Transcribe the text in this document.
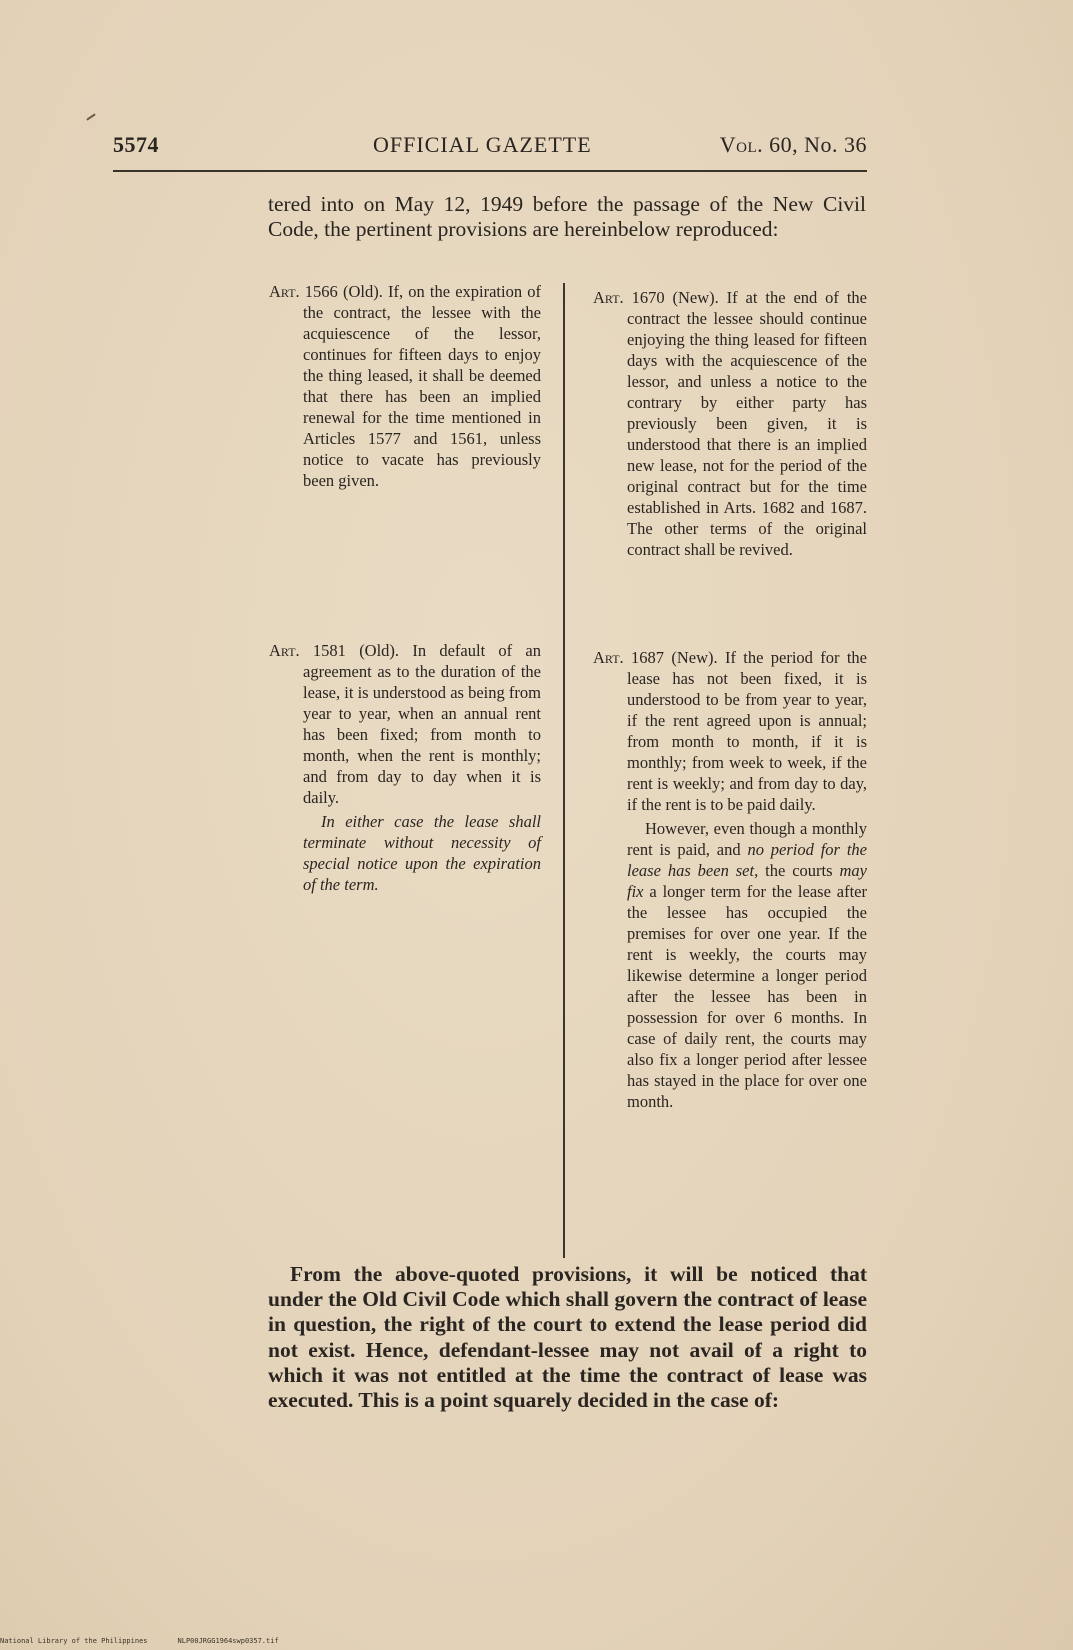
5574	OFFICIAL GAZETTE	Vol. 60, No. 36

tered into on May 12, 1949 before the passage of the New Civil Code, the pertinent provisions are hereinbelow reproduced:

Art. 1566 (Old). If, on the expiration of the contract, the lessee with the acquiescence of the lessor, continues for fifteen days to enjoy the thing leased, it shall be deemed that there has been an implied renewal for the time mentioned in Articles 1577 and 1561, unless notice to vacate has previously been given.

Art. 1581 (Old). In default of an agreement as to the duration of the lease, it is understood as being from year to year, when an annual rent has been fixed; from month to month, when the rent is monthly; and from day to day when it is daily.

In either case the lease shall terminate without necessity of special notice upon the expiration of the term.

Art. 1670 (New). If at the end of the contract the lessee should continue enjoying the thing leased for fifteen days with the acquiescence of the lessor, and unless a notice to the contrary by either party has previously been given, it is understood that there is an implied new lease, not for the period of the original contract but for the time established in Arts. 1682 and 1687. The other terms of the original contract shall be revived.

Art. 1687 (New). If the period for the lease has not been fixed, it is understood to be from year to year, if the rent agreed upon is annual; from month to month, if it is monthly; from week to week, if the rent is weekly; and from day to day, if the rent is to be paid daily.

However, even though a monthly rent is paid, and no period for the lease has been set, the courts may fix a longer term for the lease after the lessee has occupied the premises for over one year. If the rent is weekly, the courts may likewise determine a longer period after the lessee has been in possession for over 6 months. In case of daily rent, the courts may also fix a longer period after lessee has stayed in the place for over one month.

From the above-quoted provisions, it will be noticed that under the Old Civil Code which shall govern the contract of lease in question, the right of the court to extend the lease period did not exist. Hence, defendant-lessee may not avail of a right to which it was not entitled at the time the contract of lease was executed. This is a point squarely decided in the case of:

National Library of the Philippines	NLP00JRGG1964swp0357.tif
